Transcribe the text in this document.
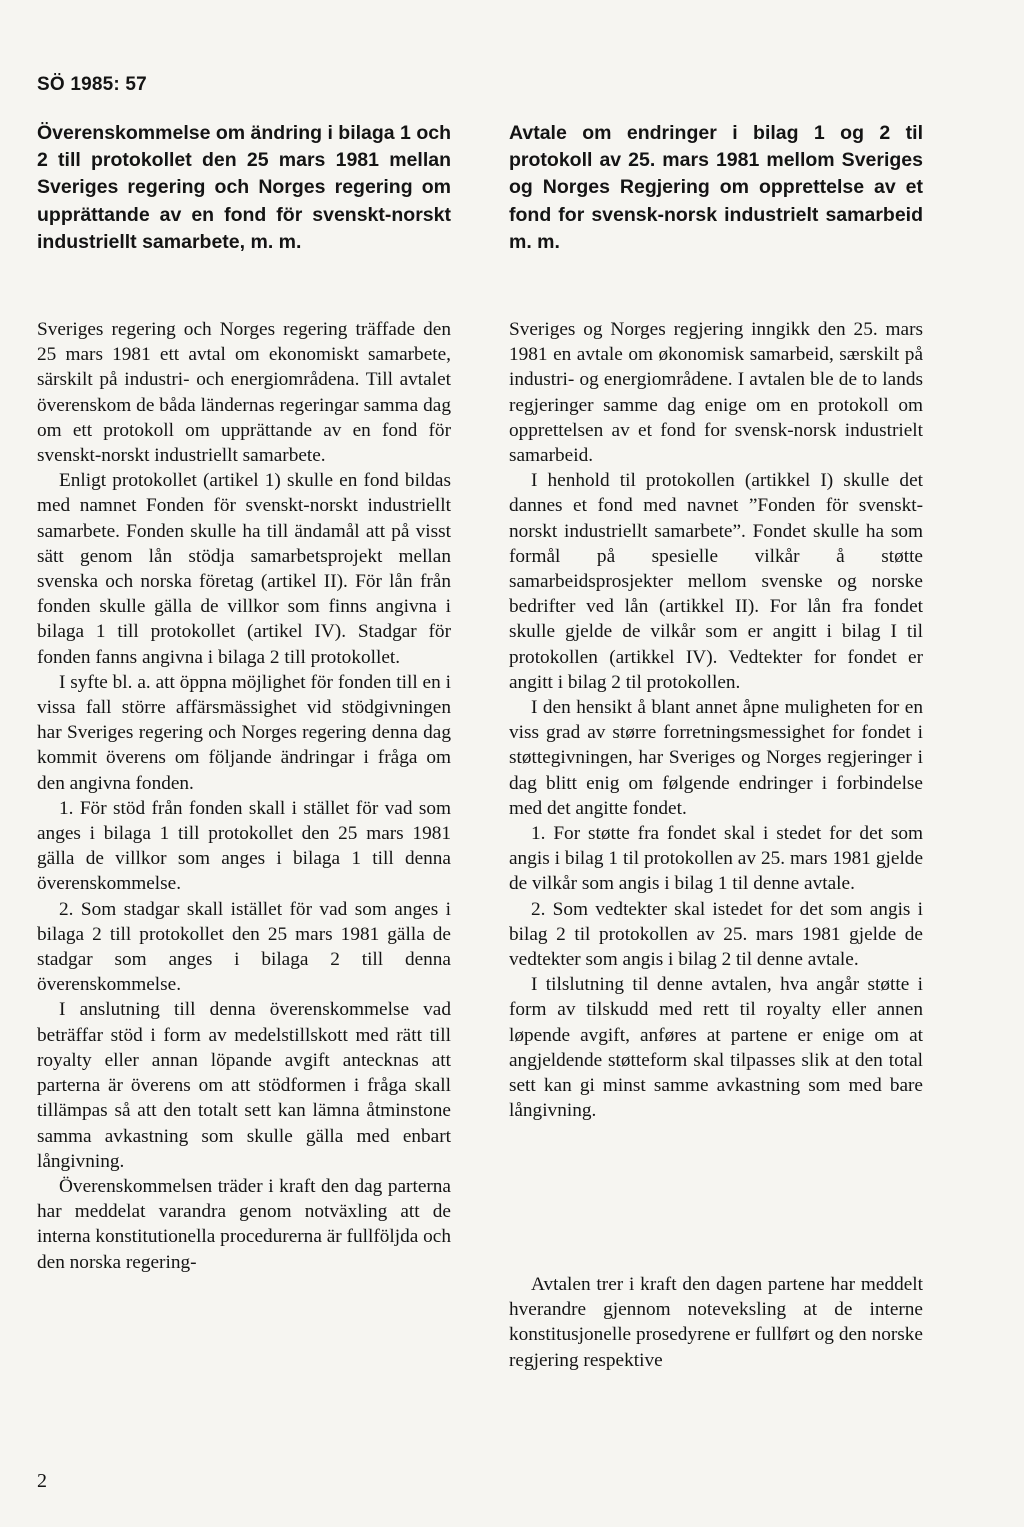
SÖ 1985: 57
Överenskommelse om ändring i bilaga 1 och 2 till protokollet den 25 mars 1981 mellan Sveriges regering och Norges regering om upprättande av en fond för svenskt-norskt industriellt samarbete, m. m.
Avtale om endringer i bilag 1 og 2 til protokoll av 25. mars 1981 mellom Sveriges og Norges Regjering om opprettelse av et fond for svensk-norsk industrielt samarbeid m. m.

Sveriges regering och Norges regering träffade den 25 mars 1981 ett avtal om ekonomiskt samarbete, särskilt på industri- och energiområdena. Till avtalet överenskom de båda ländernas regeringar samma dag om ett protokoll om upprättande av en fond för svenskt-norskt industriellt samarbete.

Enligt protokollet (artikel 1) skulle en fond bildas med namnet Fonden för svenskt-norskt industriellt samarbete. Fonden skulle ha till ändamål att på visst sätt genom lån stödja samarbetsprojekt mellan svenska och norska företag (artikel II). För lån från fonden skulle gälla de villkor som finns angivna i bilaga 1 till protokollet (artikel IV). Stadgar för fonden fanns angivna i bilaga 2 till protokollet.

I syfte bl. a. att öppna möjlighet för fonden till en i vissa fall större affärsmässighet vid stödgivningen har Sveriges regering och Norges regering denna dag kommit överens om följande ändringar i fråga om den angivna fonden.

1. För stöd från fonden skall i stället för vad som anges i bilaga 1 till protokollet den 25 mars 1981 gälla de villkor som anges i bilaga 1 till denna överenskommelse.

2. Som stadgar skall istället för vad som anges i bilaga 2 till protokollet den 25 mars 1981 gälla de stadgar som anges i bilaga 2 till denna överenskommelse.

I anslutning till denna överenskommelse vad beträffar stöd i form av medelstillskott med rätt till royalty eller annan löpande avgift antecknas att parterna är överens om att stödformen i fråga skall tillämpas så att den totalt sett kan lämna åtminstone samma avkastning som skulle gälla med enbart långivning.

Överenskommelsen träder i kraft den dag parterna har meddelat varandra genom notväxling att de interna konstitutionella procedurerna är fullföljda och den norska regering-

Sveriges og Norges regjering inngikk den 25. mars 1981 en avtale om økonomisk samarbeid, særskilt på industri- og energiområdene. I avtalen ble de to lands regjeringer samme dag enige om en protokoll om opprettelsen av et fond for svensk-norsk industrielt samarbeid.

I henhold til protokollen (artikkel I) skulle det dannes et fond med navnet ”Fonden för svenskt-norskt industriellt samarbete”. Fondet skulle ha som formål på spesielle vilkår å støtte samarbeidsprosjekter mellom svenske og norske bedrifter ved lån (artikkel II). For lån fra fondet skulle gjelde de vilkår som er angitt i bilag I til protokollen (artikkel IV). Vedtekter for fondet er angitt i bilag 2 til protokollen.

I den hensikt å blant annet åpne muligheten for en viss grad av større forretningsmessighet for fondet i støttegivningen, har Sveriges og Norges regjeringer i dag blitt enig om følgende endringer i forbindelse med det angitte fondet.

1. For støtte fra fondet skal i stedet for det som angis i bilag 1 til protokollen av 25. mars 1981 gjelde de vilkår som angis i bilag 1 til denne avtale.

2. Som vedtekter skal istedet for det som angis i bilag 2 til protokollen av 25. mars 1981 gjelde de vedtekter som angis i bilag 2 til denne avtale.

I tilslutning til denne avtalen, hva angår støtte i form av tilskudd med rett til royalty eller annen løpende avgift, anføres at partene er enige om at angjeldende støtteform skal tilpasses slik at den total sett kan gi minst samme avkastning som med bare långivning.

Avtalen trer i kraft den dagen partene har meddelt hverandre gjennom noteveksling at de interne konstitusjonelle prosedyrene er fullført og den norske regjering respektive

2
